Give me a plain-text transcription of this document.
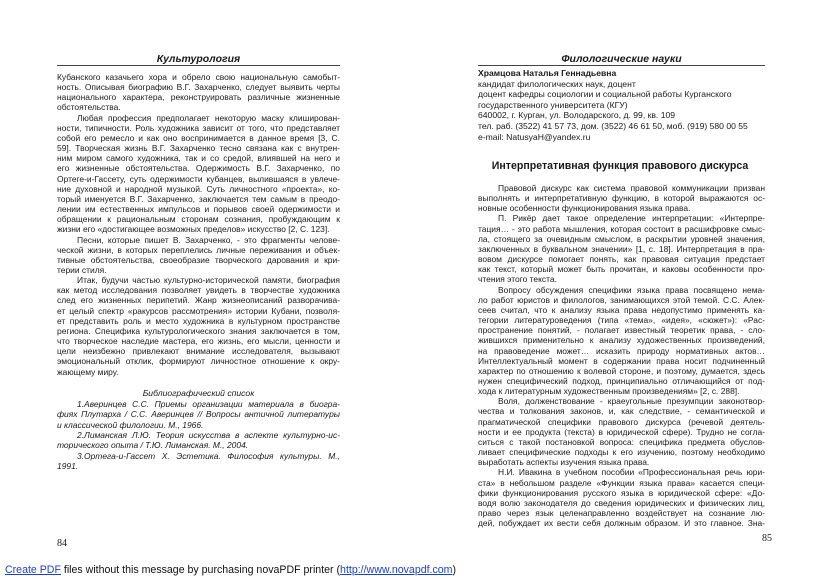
Культурология
Кубанского казачьего хора и обрело свою национальную самобыт-
ность. Описывая биографию В.Г. Захарченко, следует выявить черты
национального характера, реконструировать различные жизненные
обстоятельства.
Любая профессия предполагает некоторую маску клиширован-
ности, типичности. Роль художника зависит от того, что представляет
собой его ремесло и как оно воспринимается в данное время [3, С.
59]. Творческая жизнь В.Г. Захарченко тесно связана как с внутрен-
ним миром самого художника, так и со средой, влиявшей на него и
его жизненные обстоятельства. Одержимость В.Г. Захарченко, по
Ортеге-и-Гассету, суть одержимости кубанцев, вылившаяся в увлече-
ние духовной и народной музыкой. Суть личностного «проекта», ко-
торый именуется В.Г. Захарченко, заключается тем самым в преодо-
лении им естественных импульсов и порывов своей одержимости и
обращении к рациональным сторонам сознания, пробуждающим к
жизни его «достигающее возможных пределов» искусство [2, С. 123].
Песни, которые пишет В. Захарченко, - это фрагменты челове-
ческой жизни, в которых переплелись личные переживания и объек-
тивные обстоятельства, своеобразие творческого дарования и кри-
терии стиля.
Итак, будучи частью культурно-исторической памяти, биография
как метод исследования позволяет увидеть в творчестве художника
след его жизненных перипетий. Жанр жизнеописаний разворачива-
ет целый спектр «ракурсов рассмотрения» истории Кубани, позволя-
ет представить роль и место художника в культурном пространстве
региона. Специфика культурологического знания заключается в том,
что творческое наследие мастера, его жизнь, его мысли, ценности и
цели неизбежно привлекают внимание исследователя, вызывают
эмоциональный отклик, формируют личностное отношение к окру-
жающему миру.
Библиографический список
1.Аверинцев С.С. Приемы организации материала в биогра-
фиях Плутарха / С.С. Аверинцев // Вопросы античной литературы
и классической филологии. М., 1966.
2.Лиманская Л.Ю. Теория искусства в аспекте культурно-ис-
торического опыта / Т.Ю. Лиманская. М., 2004.
3.Ортега-и-Гассет Х. Эстетика. Философия культуры. М.,
1991.
84
Филологические науки
85
Храмцова Наталья Геннадьевна
кандидат филологических наук, доцент
доцент кафедры социологии и социальной работы Курганского
государственного университета (КГУ)
640002, г. Курган, ул. Володарского, д. 99, кв. 109
тел. раб. (3522) 41 57 73, дом. (3522) 46 61 50, моб. (919) 580 00 55
e-mail: NatusyaH@yandex.ru
Интерпретативная функция правового дискурса
Правовой дискурс как система правовой коммуникации призван
выполнять и интерпретативную функцию, в которой выражаются ос-
новные особенности функционирования языка права.
П. Рикёр дает такое определение интерпретации: «Интерпре-
тация… - это работа мышления, которая состоит в расшифровке смыс-
ла, стоящего за очевидным смыслом, в раскрытии уровней значения,
заключенных в буквальном значении» [1, с. 18]. Интерпретация в пра-
вовом дискурсе помогает понять, как правовая ситуация предстает
как текст, который может быть прочитан, и каковы особенности про-
чтения этого текста.
Вопросу обсуждения специфики языка права посвящено нема-
ло работ юристов и филологов, занимающихся этой темой. С.С. Алек-
сеев считал, что к анализу языка права недопустимо применять ка-
тегории литературоведения (типа «тема», «идея», «сюжет»): «Рас-
пространение понятий, - полагает известный теоретик права, - сло-
жившихся применительно к анализу художественных произведений,
на правоведение может… исказить природу нормативных актов…
Интеллектуальный момент в содержании права носит подчиненный
характер по отношению к волевой стороне, и поэтому, думается, здесь
нужен специфический подход, принципиально отличающийся от под-
хода к литературным художественным произведениям» [2, с. 288].
Воля, долженствование - краеугольные презумпции законотвор-
чества и толкования законов, и, как следствие, - семантической и
прагматической специфики правового дискурса (речевой деятель-
ности и ее продукта (текста) в юридической сфере). Трудно не согла-
ситься с такой постановкой вопроса: специфика предмета обуслов-
ливает специфические подходы к его изучению, поэтому необходимо
выработать аспекты изучения языка права.
Н.И. Ивакина в учебном пособии «Профессиональная речь юри-
ста» в небольшом разделе «Функции языка права» касается специ-
фики функционирования русского языка в юридической сфере: «До-
водя волю законодателя до сведения юридических и физических лиц,
право через язык целенаправленно воздействует на сознание лю-
дей, побуждает их вести себя должным образом. И это главное. Зна-
Create PDF files without this message by purchasing novaPDF printer (http://www.novapdf.com)
